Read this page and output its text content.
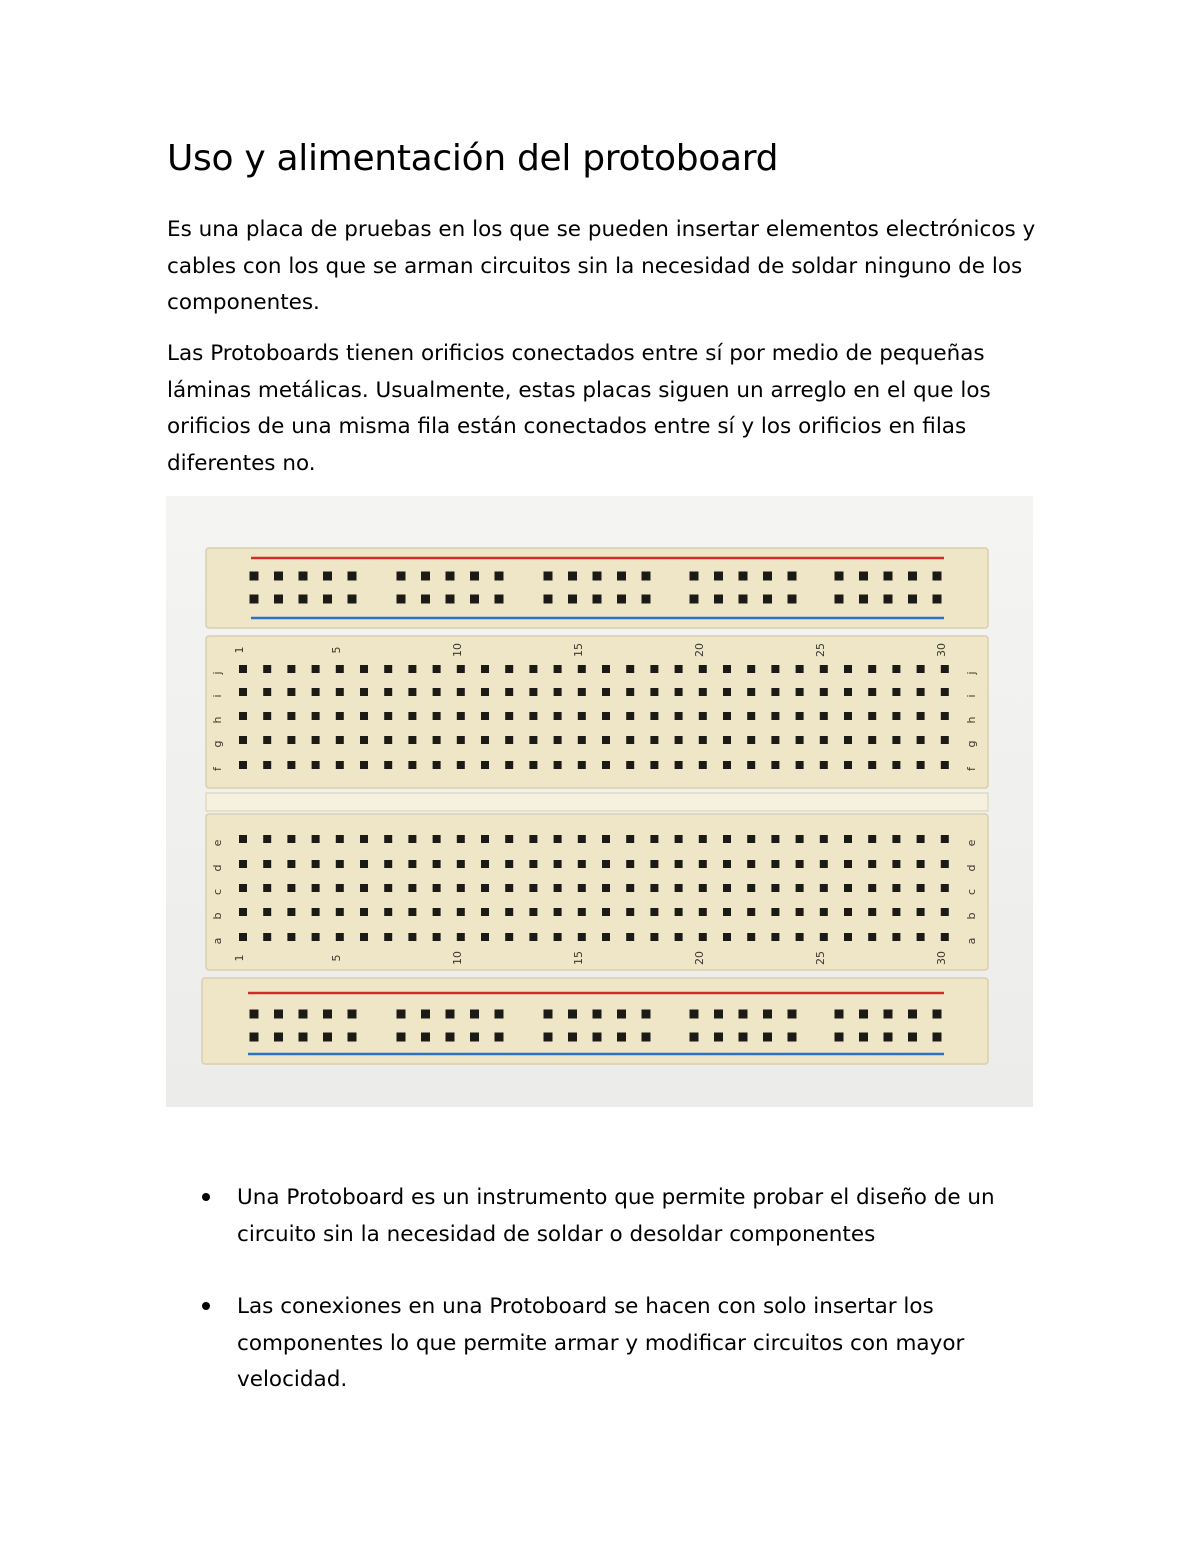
Uso y alimentación del protoboard

Es una placa de pruebas en los que se pueden insertar elementos electrónicos y cables con los que se arman circuitos sin la necesidad de soldar ninguno de los componentes.

Las Protoboards tienen orificios conectados entre sí por medio de pequeñas láminas metálicas. Usualmente, estas placas siguen un arreglo en el que los orificios de una misma fila están conectados entre sí y los orificios en filas diferentes no.

j	j
i	i
h	h
g	g
f	f
e	e
d	d
c	c
b	b
a	a
1
1
5
5
10
10
15
15
20
20
25
25
30
30
Una Protoboard es un instrumento que permite probar el diseño de un circuito sin la necesidad de soldar o desoldar componentes
Las conexiones en una Protoboard se hacen con solo insertar los componentes lo que permite armar y modificar circuitos con mayor velocidad.
